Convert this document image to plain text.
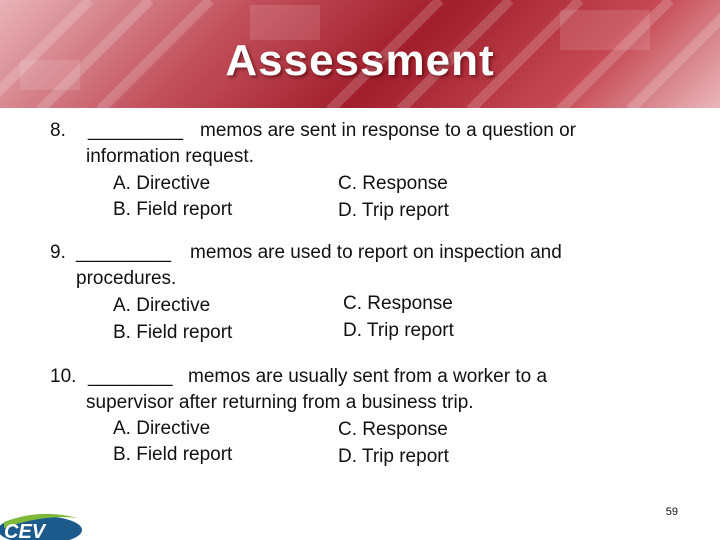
Assessment
8. _________ memos are sent in response to a question or
information request.
A. Directive	C. Response
B. Field report	D. Trip report
9. _________ memos are used to report on inspection and
procedures.
A. Directive	C. Response
B. Field report	D. Trip report
10. ________ memos are usually sent from a worker to a
supervisor after returning from a business trip.
A. Directive	C. Response
B. Field report	D. Trip report
59
CEV
